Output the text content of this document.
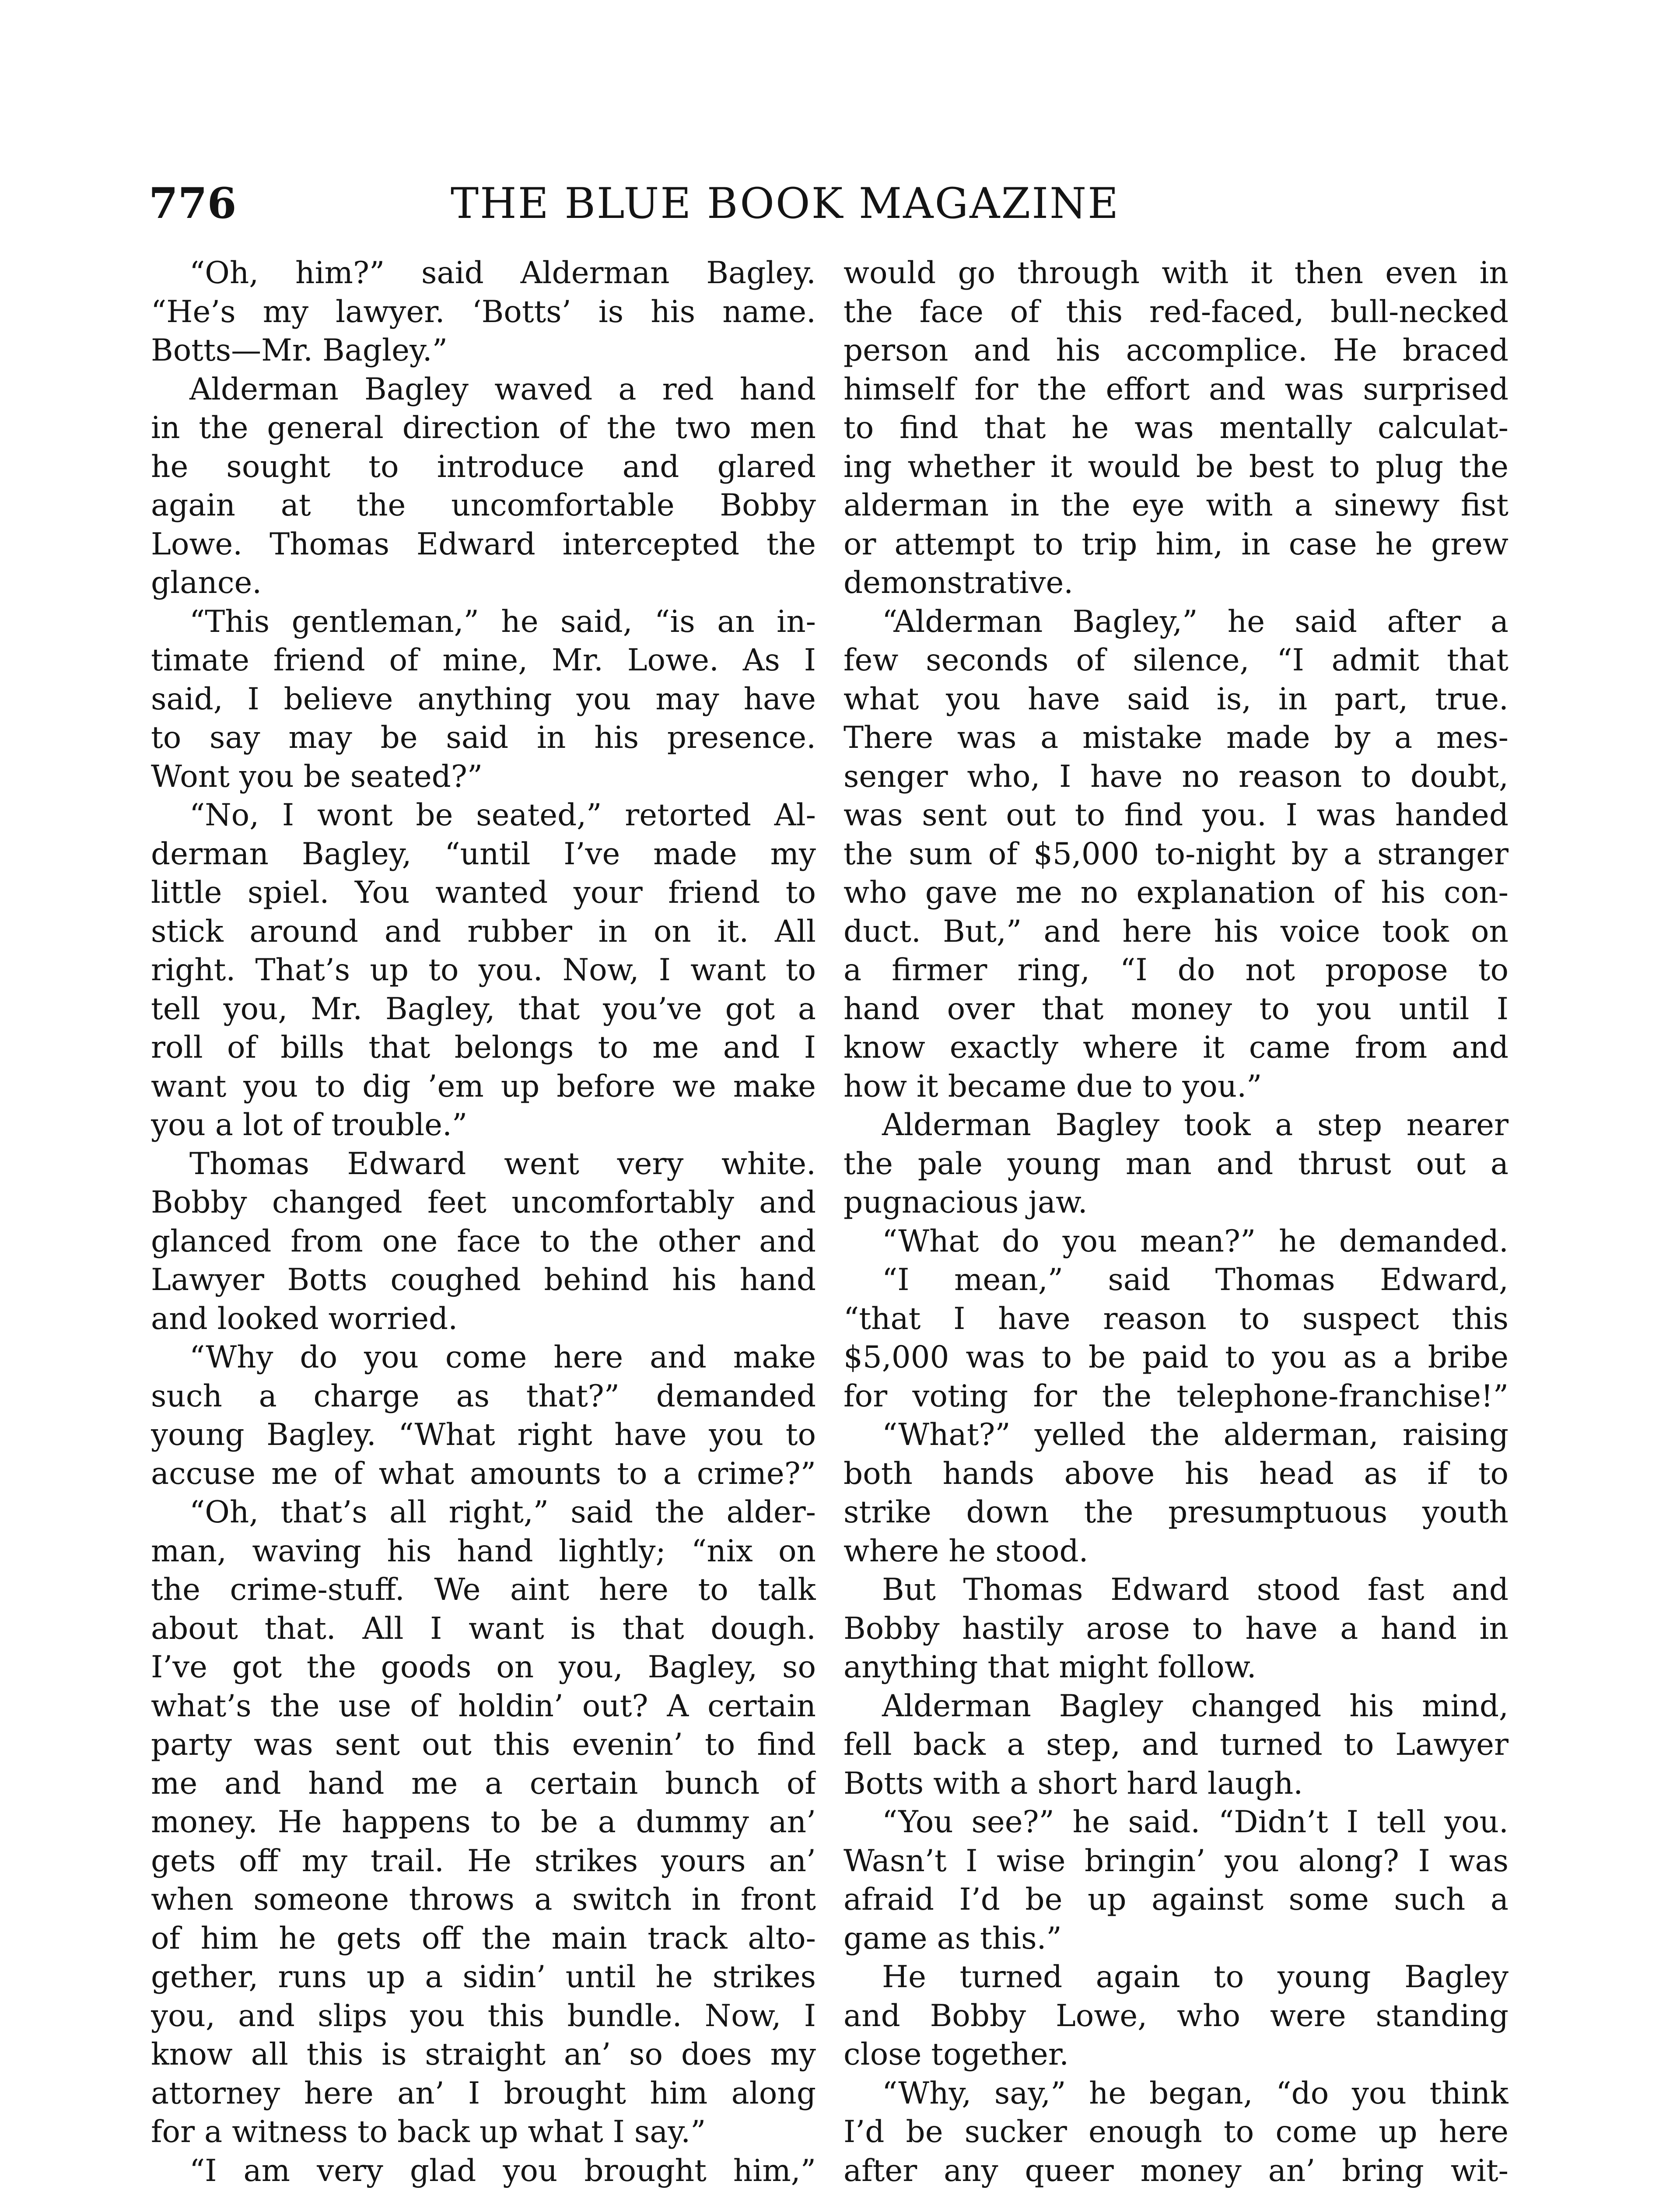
776	THE BLUE BOOK MAGAZINE
“Oh, him?” said Alderman Bagley.
“He’s my lawyer. ‘Botts’ is his name.
Botts—Mr. Bagley.”
Alderman Bagley waved a red hand
in the general direction of the two men
he sought to introduce and glared
again at the uncomfortable Bobby
Lowe. Thomas Edward intercepted the
glance.
“This gentleman,” he said, “is an in-
timate friend of mine, Mr. Lowe. As I
said, I believe anything you may have
to say may be said in his presence.
Wont you be seated?”
“No, I wont be seated,” retorted Al-
derman Bagley, “until I’ve made my
little spiel. You wanted your friend to
stick around and rubber in on it. All
right. That’s up to you. Now, I want to
tell you, Mr. Bagley, that you’ve got a
roll of bills that belongs to me and I
want you to dig ’em up before we make
you a lot of trouble.”
Thomas Edward went very white.
Bobby changed feet uncomfortably and
glanced from one face to the other and
Lawyer Botts coughed behind his hand
and looked worried.
“Why do you come here and make
such a charge as that?” demanded
young Bagley. “What right have you to
accuse me of what amounts to a crime?”
“Oh, that’s all right,” said the alder-
man, waving his hand lightly; “nix on
the crime-stuff. We aint here to talk
about that. All I want is that dough.
I’ve got the goods on you, Bagley, so
what’s the use of holdin’ out? A certain
party was sent out this evenin’ to find
me and hand me a certain bunch of
money. He happens to be a dummy an’
gets off my trail. He strikes yours an’
when someone throws a switch in front
of him he gets off the main track alto-
gether, runs up a sidin’ until he strikes
you, and slips you this bundle. Now, I
know all this is straight an’ so does my
attorney here an’ I brought him along
for a witness to back up what I say.”
“I am very glad you brought him,”
would go through with it then even in
the face of this red-faced, bull-necked
person and his accomplice. He braced
himself for the effort and was surprised
to find that he was mentally calculat-
ing whether it would be best to plug the
alderman in the eye with a sinewy fist
or attempt to trip him, in case he grew
demonstrative.
“Alderman Bagley,” he said after a
few seconds of silence, “I admit that
what you have said is, in part, true.
There was a mistake made by a mes-
senger who, I have no reason to doubt,
was sent out to find you. I was handed
the sum of $5,000 to-night by a stranger
who gave me no explanation of his con-
duct. But,” and here his voice took on
a firmer ring, “I do not propose to
hand over that money to you until I
know exactly where it came from and
how it became due to you.”
Alderman Bagley took a step nearer
the pale young man and thrust out a
pugnacious jaw.
“What do you mean?” he demanded.
“I mean,” said Thomas Edward,
“that I have reason to suspect this
$5,000 was to be paid to you as a bribe
for voting for the telephone-franchise!”
“What?” yelled the alderman, raising
both hands above his head as if to
strike down the presumptuous youth
where he stood.
But Thomas Edward stood fast and
Bobby hastily arose to have a hand in
anything that might follow.
Alderman Bagley changed his mind,
fell back a step, and turned to Lawyer
Botts with a short hard laugh.
“You see?” he said. “Didn’t I tell you.
Wasn’t I wise bringin’ you along? I was
afraid I’d be up against some such a
game as this.”
He turned again to young Bagley
and Bobby Lowe, who were standing
close together.
“Why, say,” he began, “do you think
I’d be sucker enough to come up here
after any queer money an’ bring wit-
